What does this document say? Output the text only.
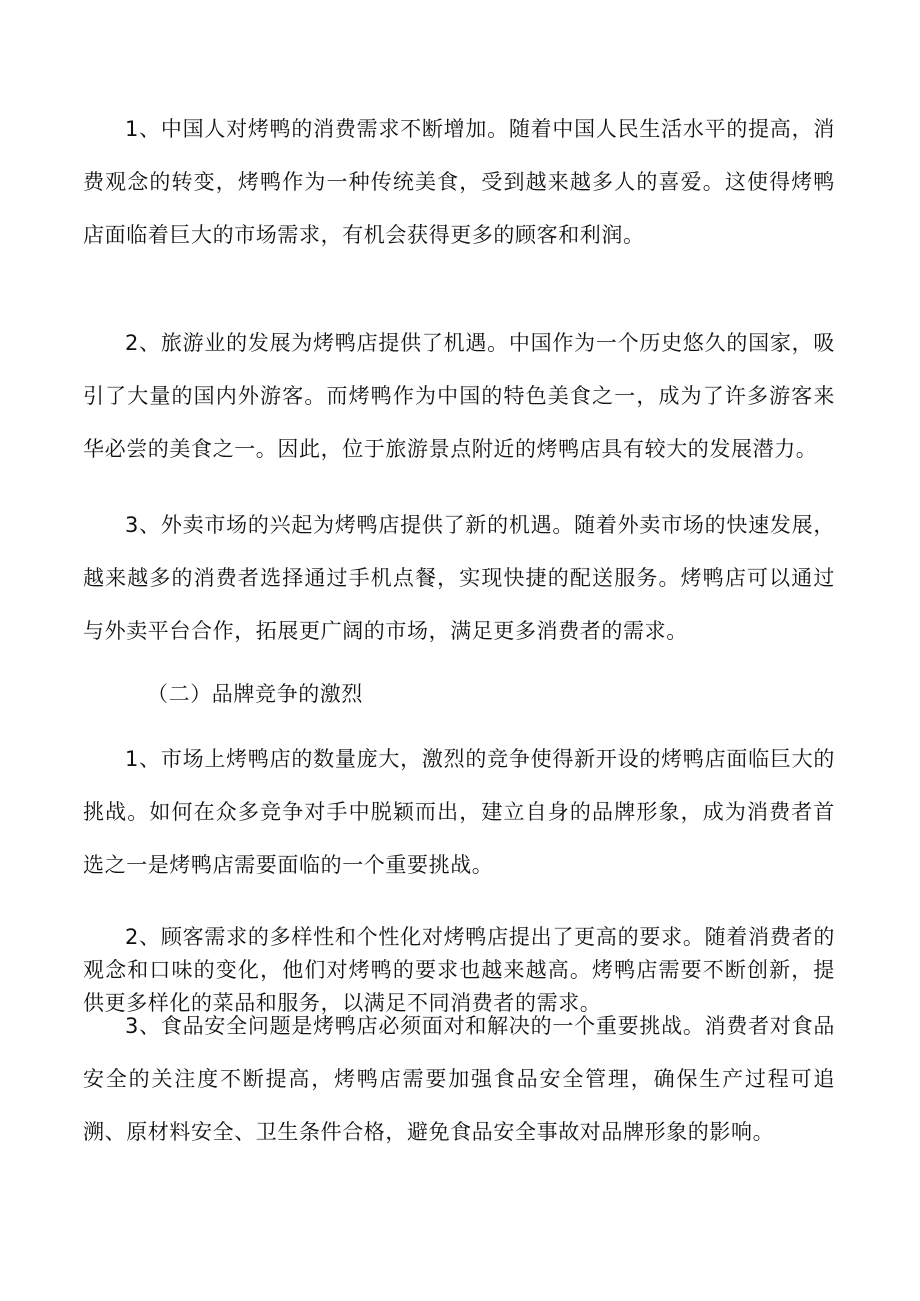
1、中国人对烤鸭的消费需求不断增加。随着中国人民生活水平的提高，消费观念的转变，烤鸭作为一种传统美食，受到越来越多人的喜爱。这使得烤鸭店面临着巨大的市场需求，有机会获得更多的顾客和利润。

2、旅游业的发展为烤鸭店提供了机遇。中国作为一个历史悠久的国家，吸引了大量的国内外游客。而烤鸭作为中国的特色美食之一，成为了许多游客来华必尝的美食之一。因此，位于旅游景点附近的烤鸭店具有较大的发展潜力。

3、外卖市场的兴起为烤鸭店提供了新的机遇。随着外卖市场的快速发展，越来越多的消费者选择通过手机点餐，实现快捷的配送服务。烤鸭店可以通过与外卖平台合作，拓展更广阔的市场，满足更多消费者的需求。

（二）品牌竞争的激烈

1、市场上烤鸭店的数量庞大，激烈的竞争使得新开设的烤鸭店面临巨大的挑战。如何在众多竞争对手中脱颖而出，建立自身的品牌形象，成为消费者首选之一是烤鸭店需要面临的一个重要挑战。

2、顾客需求的多样性和个性化对烤鸭店提出了更高的要求。随着消费者的观念和口味的变化，他们对烤鸭的要求也越来越高。烤鸭店需要不断创新，提供更多样化的菜品和服务，以满足不同消费者的需求。

3、食品安全问题是烤鸭店必须面对和解决的一个重要挑战。消费者对食品安全的关注度不断提高，烤鸭店需要加强食品安全管理，确保生产过程可追溯、原材料安全、卫生条件合格，避免食品安全事故对品牌形象的影响。
